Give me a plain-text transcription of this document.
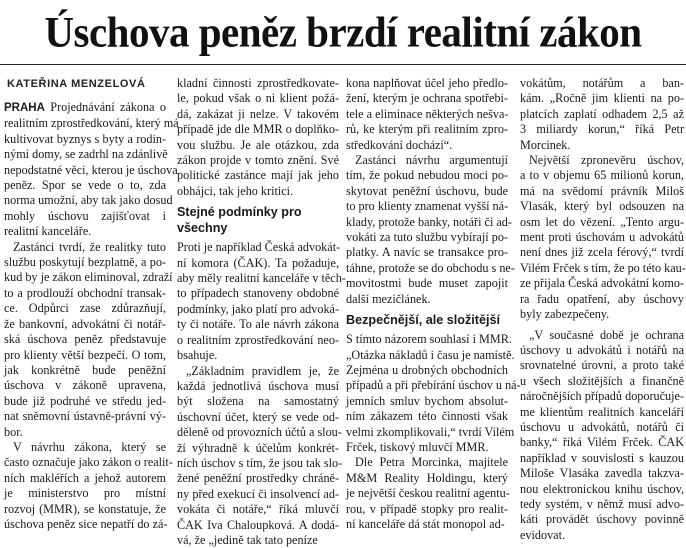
Úschova peněz brzdí realitní zákon
KATEŘINA MENZELOVÁ
PRAHA Projednávání zákona o
realitním zprostředkování, který má
kultivovat byznys s byty a rodin-
nými domy, se zadrhl na zdánlivě
nepodstatné věci, kterou je úschova
peněz. Spor se vede o to, zda
norma umožní, aby tak jako dosud
mohly úschovu zajišťovat i
realitní kanceláře.
Zastánci tvrdí, že realitky tuto
službu poskytují bezplatně, a po-
kud by je zákon eliminoval, zdraží
to a prodlouží obchodní transak-
ce. Odpůrci zase zdůrazňují,
že bankovní, advokátní či notář-
ská úschova peněz představuje
pro klienty větší bezpečí. O tom,
jak konkrétně bude peněžní
úschova v zákoně upravena,
bude již podruhé ve středu jed-
nat sněmovní ústavně-právní vý-
bor.
V návrhu zákona, který se
často označuje jako zákon o realit-
ních makléřích a jehož autorem
je ministerstvo pro místní
rozvoj (MMR), se konstatuje, že
úschova peněz sice nepatří do zá-
kladní činnosti zprostředkovate-
le, pokud však o ni klient požá-
dá, zakázat ji nelze. V takovém
případě jde dle MMR o doplňko-
vou službu. Je ale otázkou, zda
zákon projde v tomto znění. Své
politické zastánce mají jak jeho
obhájci, tak jeho kritici.
Stejné podmínky pro všechny
Proti je například Česká advokát-
ní komora (ČAK). Ta požaduje,
aby měly realitní kanceláře v těch-
to případech stanoveny obdobné
podmínky, jako platí pro advoká-
ty či notáře. To ale návrh zákona
o realitním zprostředkování neo-
bsahuje.
„Základním pravidlem je, že
každá jednotlivá úschova musí
být složena na samostatný
úschovní účet, který se vede od-
děleně od provozních účtů a slou-
ží výhradně k účelům konkrét-
ních úschov s tím, že jsou tak slo-
žené peněžní prostředky chráně-
ny před exekucí či insolvencí ad-
vokáta či notáře,“ říká mluvčí
ČAK Iva Chaloupková. A dodá-
vá, že „jedině tak tato peníze
kona naplňovat účel jeho předlo-
žení, kterým je ochrana spotřebi-
tele a eliminace některých nešva-
rů, ke kterým při realitním zpro-
středkování dochází“.
Zastánci návrhu argumentují
tím, že pokud nebudou moci po-
skytovat peněžní úschovu, bude
to pro klienty znamenat vyšší ná-
klady, protože banky, notáři či ad-
vokáti za tuto službu vybírají po-
platky. A navíc se transakce pro-
táhne, protože se do obchodu s ne-
movitostmi bude muset zapojit
další mezičlánek.
Bezpečnější, ale složitější
S tímto názorem souhlasí i MMR.
„Otázka nákladů i času je namístě.
Zejména u drobných obchodních
případů a při přebírání úschov u ná-
jemních smluv bychom absolut-
ním zákazem této činnosti však
velmi zkomplikovali,“ tvrdí Vilém
Frček, tiskový mluvčí MMR.
Dle Petra Morcinka, majitele
M&M Reality Holdingu, který
je největší českou realitní agentu-
rou, v případě stopky pro realit-
ní kanceláře dá stát monopol ad-
vokátům, notářům a ban-
kám. „Ročně jim klienti na po-
platcích zaplatí odhadem 2,5 až
3 miliardy korun,“ říká Petr
Morcinek.
Největší zpronevěru úschov,
a to v objemu 65 milionů korun,
má na svědomí právník Miloš
Vlasák, který byl odsouzen na
osm let do vězení. „Tento argu-
ment proti úschovám u advokátů
není dnes již zcela férový,“ tvrdí
Vilém Frček s tím, že po této kau-
ze přijala Česká advokátní komo-
ra řadu opatření, aby úschovy
byly zabezpečeny.
„V současné době je ochrana
úschovy u advokátů i notářů na
srovnatelné úrovni, a proto také
u všech složitějších a finančně
náročnějších případů doporučuje-
me klientům realitních kanceláří
úschovu u advokátů, notářů či
banky,“ říká Vilém Frček. ČAK
například v souvislosti s kauzou
Miloše Vlasáka zavedla takzva-
nou elektronickou knihu úschov,
tedy systém, v němž musí advo-
káti provádět úschovy povinně
evidovat.
